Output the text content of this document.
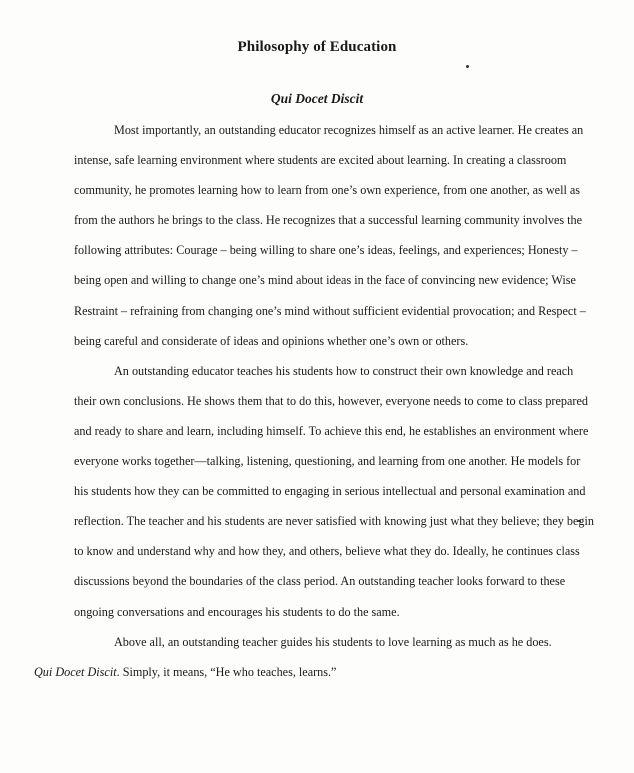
Philosophy of Education
Qui Docet Discit

Most importantly, an outstanding educator recognizes himself as an active learner. He creates an intense, safe learning environment where students are excited about learning. In creating a classroom community, he promotes learning how to learn from one’s own experience, from one another, as well as from the authors he brings to the class. He recognizes that a successful learning community involves the following attributes: Courage – being willing to share one’s ideas, feelings, and experiences; Honesty – being open and willing to change one’s mind about ideas in the face of convincing new evidence; Wise Restraint – refraining from changing one’s mind without sufficient evidential provocation; and Respect – being careful and considerate of ideas and opinions whether one’s own or others.

An outstanding educator teaches his students how to construct their own knowledge and reach their own conclusions. He shows them that to do this, however, everyone needs to come to class prepared and ready to share and learn, including himself. To achieve this end, he establishes an environment where everyone works together—talking, listening, questioning, and learning from one another. He models for his students how they can be committed to engaging in serious intellectual and personal examination and reflection. The teacher and his students are never satisfied with knowing just what they believe; they begin to know and understand why and how they, and others, believe what they do. Ideally, he continues class discussions beyond the boundaries of the class period. An outstanding teacher looks forward to these ongoing conversations and encourages his students to do the same.

Above all, an outstanding teacher guides his students to love learning as much as he does.
Qui Docet Discit. Simply, it means, “He who teaches, learns.”
